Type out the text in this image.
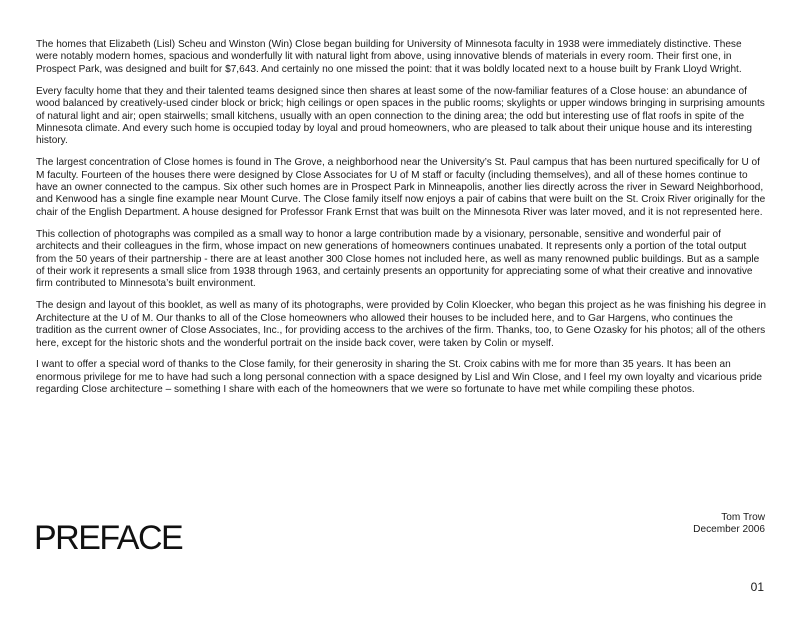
The homes that Elizabeth (Lisl) Scheu and Winston (Win) Close began building for University of Minnesota faculty in 1938 were immediately distinctive. These were notably modern homes, spacious and wonderfully lit with natural light from above, using innovative blends of materials in every room. Their first one, in Prospect Park, was designed and built for $7,643. And certainly no one missed the point: that it was boldly located next to a house built by Frank Lloyd Wright.

Every faculty home that they and their talented teams designed since then shares at least some of the now-familiar features of a Close house: an abundance of wood balanced by creatively-used cinder block or brick; high ceilings or open spaces in the public rooms; skylights or upper windows bringing in surprising amounts of natural light and air; open stairwells; small kitchens, usually with an open connection to the dining area; the odd but interesting use of flat roofs in spite of the Minnesota climate. And every such home is occupied today by loyal and proud homeowners, who are pleased to talk about their unique house and its interesting history.

The largest concentration of Close homes is found in The Grove, a neighborhood near the University’s St. Paul campus that has been nurtured specifically for U of M faculty. Fourteen of the houses there were designed by Close Associates for U of M staff or faculty (including themselves), and all of these homes continue to have an owner connected to the campus. Six other such homes are in Prospect Park in Minneapolis, another lies directly across the river in Seward Neighborhood, and Kenwood has a single fine example near Mount Curve. The Close family itself now enjoys a pair of cabins that were built on the St. Croix River originally for the chair of the English Department. A house designed for Professor Frank Ernst that was built on the Minnesota River was later moved, and it is not represented here.

This collection of photographs was compiled as a small way to honor a large contribution made by a visionary, personable, sensitive and wonderful pair of architects and their colleagues in the firm, whose impact on new generations of homeowners continues unabated. It represents only a portion of the total output from the 50 years of their partnership - there are at least another 300 Close homes not included here, as well as many renowned public buildings. But as a sample of their work it represents a small slice from 1938 through 1963, and certainly presents an opportunity for appreciating some of what their creative and innovative firm contributed to Minnesota’s built environment.

The design and layout of this booklet, as well as many of its photographs, were provided by Colin Kloecker, who began this project as he was finishing his degree in Architecture at the U of M. Our thanks to all of the Close homeowners who allowed their houses to be included here, and to Gar Hargens, who continues the tradition as the current owner of Close Associates, Inc., for providing access to the archives of the firm. Thanks, too, to Gene Ozasky for his photos; all of the others here, except for the historic shots and the wonderful portrait on the inside back cover, were taken by Colin or myself.

I want to offer a special word of thanks to the Close family, for their generosity in sharing the St. Croix cabins with me for more than 35 years. It has been an enormous privilege for me to have had such a long personal connection with a space designed by Lisl and Win Close, and I feel my own loyalty and vicarious pride regarding Close architecture – something I share with each of the homeowners that we were so fortunate to have met while compiling these photos.

PREFACE
Tom Trow
December 2006
01
